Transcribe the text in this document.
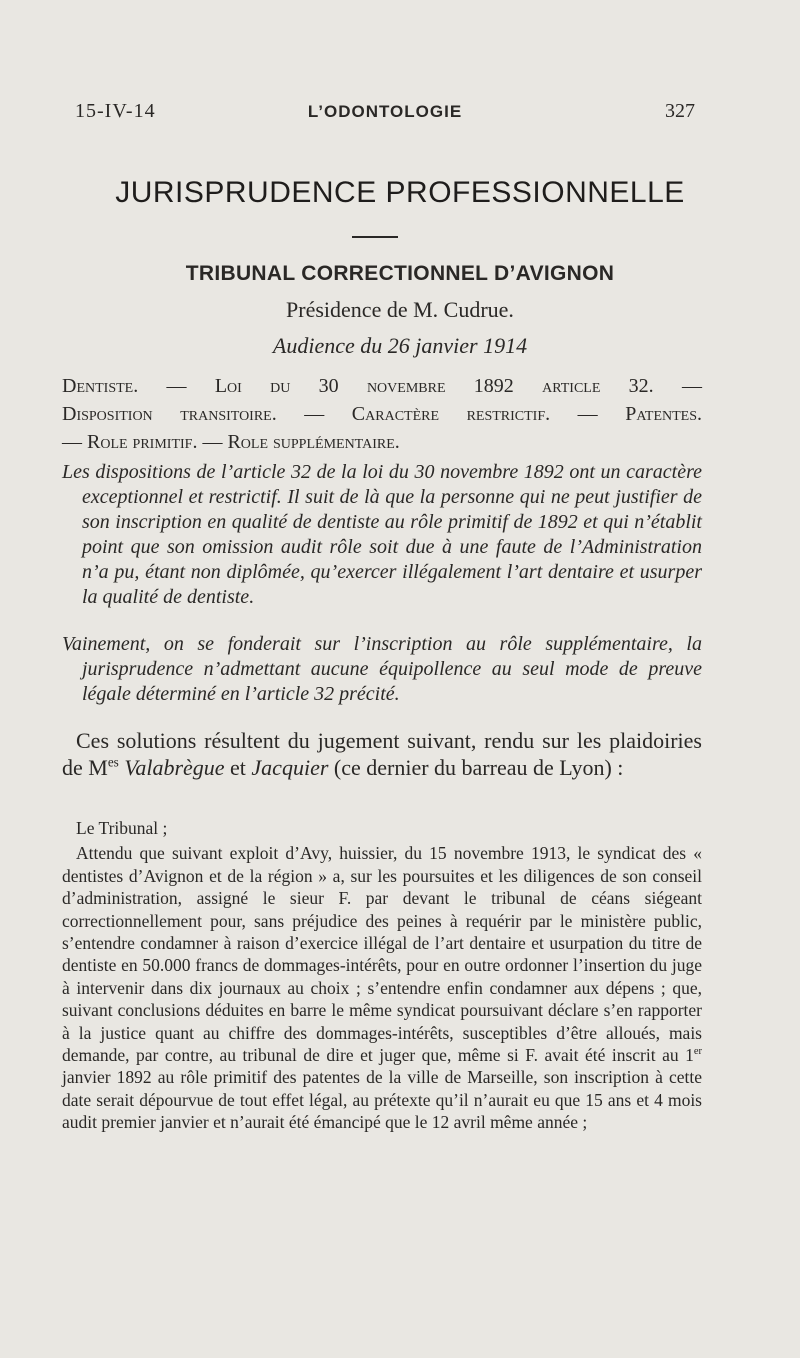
15-IV-14	L’ODONTOLOGIE	327
JURISPRUDENCE PROFESSIONNELLE
TRIBUNAL CORRECTIONNEL D’AVIGNON
Présidence de M. Cudrue.
Audience du 26 janvier 1914
Dentiste. — Loi du 30 novembre 1892 article 32. —
Disposition transitoire. — Caractère restrictif. — Patentes.
— Role primitif. — Role supplémentaire.

Les dispositions de l’article 32 de la loi du 30 novembre 1892 ont un caractère exceptionnel et restrictif. Il suit de là que la personne qui ne peut justifier de son inscription en qualité de dentiste au rôle primitif de 1892 et qui n’établit point que son omission audit rôle soit due à une faute de l’Administration n’a pu, étant non diplômée, qu’exercer illégalement l’art dentaire et usurper la qualité de dentiste.

Vainement, on se fonderait sur l’inscription au rôle supplémentaire, la jurisprudence n’admettant aucune équipollence au seul mode de preuve légale déterminé en l’article 32 précité.

Ces solutions résultent du jugement suivant, rendu sur les plaidoiries de $M^{es}$ Valabrègue et Jacquier (ce dernier du barreau de Lyon) :

Le Tribunal ;

Attendu que suivant exploit d’Avy, huissier, du 15 novembre 1913, le syndicat des « dentistes d’Avignon et de la région » a, sur les poursuites et les diligences de son conseil d’administration, assigné le sieur F. par devant le tribunal de céans siégeant correctionnellement pour, sans préjudice des peines à requérir par le ministère public, s’entendre condamner à raison d’exercice illégal de l’art dentaire et usurpation du titre de dentiste en 50.000 francs de dommages-intérêts, pour en outre ordonner l’insertion du juge à intervenir dans dix journaux au choix ; s’entendre enfin condamner aux dépens ; que, suivant conclusions déduites en barre le même syndicat poursuivant déclare s’en rapporter à la justice quant au chiffre des dommages-intérêts, susceptibles d’être alloués, mais demande, par contre, au tribunal de dire et juger que, même si F. avait été inscrit au 1er janvier 1892 au rôle primitif des patentes de la ville de Marseille, son inscription à cette date serait dépourvue de tout effet légal, au prétexte qu’il n’aurait eu que 15 ans et 4 mois audit premier janvier et n’aurait été émancipé que le 12 avril même année ;
